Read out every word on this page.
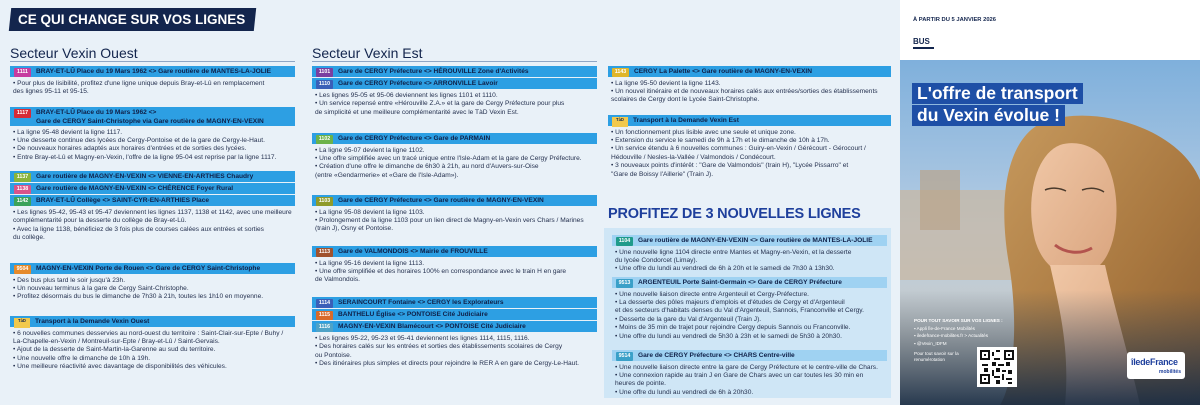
CE QUI CHANGE SUR VOS LIGNES
Secteur Vexin Ouest	Secteur Vexin Est
PROFITEZ DE 3 NOUVELLES LIGNES
1111	BRAY-ET-LÛ Place du 19 Mars 1962 <> Gare routière de MANTES-LA-JOLIE
• Pour plus de lisibilité, profitez d'une ligne unique depuis Bray-et-Lû en remplacement
des lignes 95-11 et 95-15.
1117	BRAY-ET-LÛ Place du 19 Mars 1962 <>
Gare de CERGY Saint-Christophe via Gare routière de MAGNY-EN-VEXIN
• La ligne 95-48 devient la ligne 1117.
• Une desserte continue des lycées de Cergy-Pontoise et de la gare de Cergy-le-Haut.
• De nouveaux horaires adaptés aux horaires d'entrées et de sorties des lycées.
• Entre Bray-et-Lû et Magny-en-Vexin, l'offre de la ligne 95-04 est reprise par la ligne 1117.
1137	Gare routière de MAGNY-EN-VEXIN <> VIENNE-EN-ARTHIES Chaudry
1138	Gare routière de MAGNY-EN-VEXIN <> CHÉRENCE Foyer Rural
1142	BRAY-ET-LÛ Collège <> SAINT-CYR-EN-ARTHIES Place
• Les lignes 95-42, 95-43 et 95-47 deviennent les lignes 1137, 1138 et 1142, avec une meilleure
complémentarité pour la desserte du collège de Bray-et-Lû.
• Avec la ligne 1138, bénéficiez de 3 fois plus de courses calées aux entrées et sorties
du collège.
9504	MAGNY-EN-VEXIN Porte de Rouen <> Gare de CERGY Saint-Christophe
• Des bus plus tard le soir jusqu'à 23h.
• Un nouveau terminus à la gare de Cergy Saint-Christophe.
• Profitez désormais du bus le dimanche de 7h30 à 21h, toutes les 1h10 en moyenne.
TàD	Transport à la Demande Vexin Ouest
• 6 nouvelles communes desservies au nord-ouest du territoire : Saint-Clair-sur-Epte / Buhy /
La-Chapelle-en-Vexin / Montreuil-sur-Epte / Bray-et-Lû / Saint-Gervais.
• Ajout de la desserte de Saint-Martin-la-Garenne au sud du territoire.
• Une nouvelle offre le dimanche de 10h à 19h.
• Une meilleure réactivité avec davantage de disponibilités des véhicules.
1101	Gare de CERGY Préfecture <> HÉROUVILLE Zone d'Activités
1110	Gare de CERGY Préfecture <> ARRONVILLE Lavoir
• Les lignes 95-05 et 95-06 deviennent les lignes 1101 et 1110.
• Un service repensé entre «Hérouville Z.A.» et la gare de Cergy Préfecture pour plus
de simplicité et une meilleure complémentarité avec le TàD Vexin Est.
1102	Gare de CERGY Préfecture <> Gare de PARMAIN
• La ligne 95-07 devient la ligne 1102.
• Une offre simplifiée avec un tracé unique entre l'Isle-Adam et la gare de Cergy Préfecture.
• Création d'une offre le dimanche de 6h30 à 21h, au nord d'Auvers-sur-Oise
(entre «Gendarmerie» et «Gare de l'Isle-Adam»).
1103	Gare de CERGY Préfecture <> Gare routière de MAGNY-EN-VEXIN
• La ligne 95-08 devient la ligne 1103.
• Prolongement de la ligne 1103 pour un lien direct de Magny-en-Vexin vers Chars / Marines
(train J), Osny et Pontoise.
1113	Gare de VALMONDOIS <> Mairie de FROUVILLE
• La ligne 95-16 devient la ligne 1113.
• Une offre simplifiée et des horaires 100% en correspondance avec le train H en gare
de Valmondois.
1114	SERAINCOURT Fontaine <> CERGY les Explorateurs
1115	BANTHELU Église <> PONTOISE Cité Judiciaire
1116	MAGNY-EN-VEXIN Blamécourt <> PONTOISE Cité Judiciaire
• Les lignes 95-22, 95-23 et 95-41 deviennent les lignes 1114, 1115, 1116.
• Des horaires calés sur les entrées et sorties des établissements scolaires de Cergy
ou Pontoise.
• Des itinéraires plus simples et directs pour rejoindre le RER A en gare de Cergy-Le-Haut.
1143	CERGY La Palette <> Gare routière de MAGNY-EN-VEXIN
• La ligne 95-50 devient la ligne 1143.
• Un nouvel itinéraire et de nouveaux horaires calés aux entrées/sorties des établissements
scolaires de Cergy dont le Lycée Saint-Christophe.
TàD	Transport à la Demande Vexin Est
• Un fonctionnement plus lisible avec une seule et unique zone.
• Extension du service le samedi de 9h à 17h et le dimanche de 10h à 17h.
• Un service étendu à 6 nouvelles communes : Guiry-en-Vexin / Gérécourt - Gérocourt /
Hédouville / Nesles-la-Vallée / Valmondois / Condécourt.
• 3 nouveaux points d'intérêt : "Gare de Valmondois" (train H), "Lycée Pissarro" et
"Gare de Boissy l'Aillerie" (Train J).
1104	Gare routière de MAGNY-EN-VEXIN <> Gare routière de MANTES-LA-JOLIE
• Une nouvelle ligne 1104 directe entre Mantes et Magny-en-Vexin, et la desserte
du lycée Condorcet (Limay).
• Une offre du lundi au vendredi de 6h à 20h et le samedi de 7h30 à 13h30.
9513	ARGENTEUIL Porte Saint-Germain <> Gare de CERGY Préfecture
• Une nouvelle liaison directe entre Argenteuil et Cergy-Préfecture.
• La desserte des pôles majeurs d'emplois et d'études de Cergy et d'Argenteuil
et des secteurs d'habitats denses du Val d'Argenteuil, Sannois, Franconville et Cergy.
• Desserte de la gare du Val d'Argenteuil (Train J).
• Moins de 35 min de trajet pour rejoindre Cergy depuis Sannois ou Franconville.
• Une offre du lundi au vendredi de 5h30 à 23h et le samedi de 5h30 à 20h30.
9514	Gare de CERGY Préfecture <> CHARS Centre-ville
• Une nouvelle liaison directe entre la gare de Cergy Préfecture et le centre-ville de Chars.
• Une connexion rapide au train J en Gare de Chars avec un car toutes les 30 min en heures de pointe.
• Une offre du lundi au vendredi de 6h à 20h30.
À PARTIR DU 5 JANVIER 2026
BUS
L'offre de transport
du Vexin évolue !
POUR TOUT SAVOIR SUR VOS LIGNES :
▪ Appli Île-de-France Mobilités
▪ iledefrance-mobilites.fr > Actualités
▪ @Vexin_IDFM
Pour tout savoir sur la renumérotation	îledeFrance
mobilités
